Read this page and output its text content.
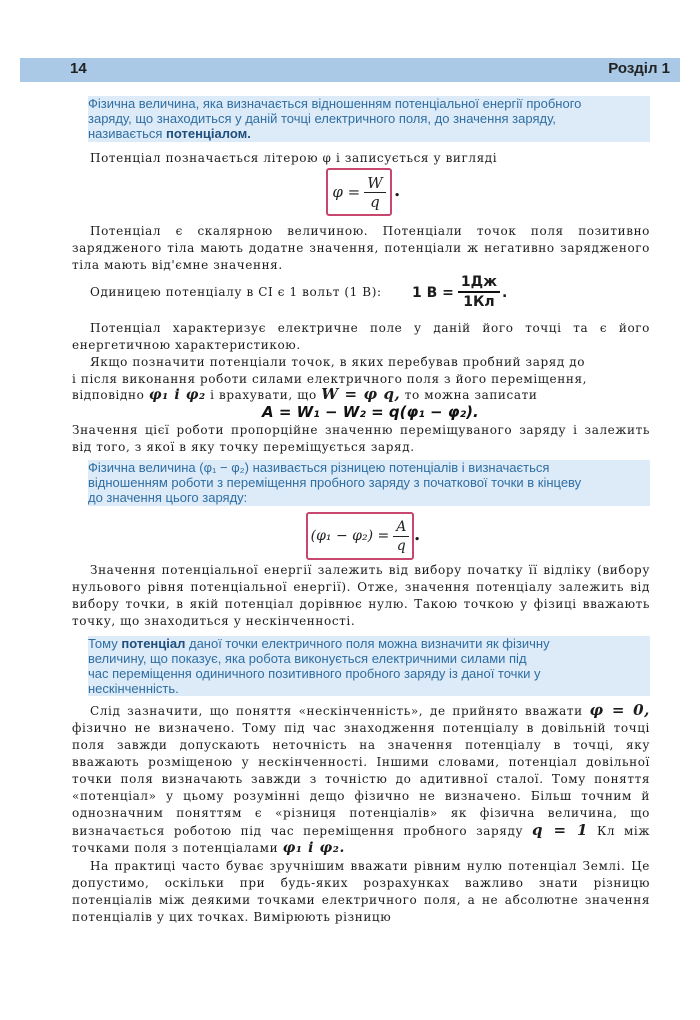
14	Розділ 1
Фізична величина, яка визначається відношенням потенціальної енергії пробного
заряду, що знаходиться у даній точці електричного поля, до значення заряду,
називається потенціалом.
Потенціал позначається літерою φ і записується у вигляді
$\varphi = \frac{W}{q}$ .
Потенціал є скалярною величиною. Потенціали точок поля позитивно зарядженого тіла мають додатне значення, потенціали ж негативно зарядженого тіла мають від'ємне значення.
Одиницею потенціалу в СІ є 1 вольт (1 В):	1 $В = \frac{1Дж}{1Кл}$ .
Потенціал характеризує електричне поле у даній його точці та є його енергетичною характеристикою.
Якщо позначити потенціали точок, в яких перебував пробний заряд до
і після виконання роботи силами електричного поля з його переміщення,
відповідно φ₁ і φ₂ і врахувати, що W = φ q, то можна записати
A = W₁ − W₂ = q(φ₁ − φ₂).
Значення цієї роботи пропорційне значенню переміщуваного заряду і залежить від того, з якої в яку точку переміщується заряд.
Фізична величина (φ₁ − φ₂) називається різницею потенціалів і визначається
відношенням роботи з переміщення пробного заряду з початкової точки в кінцеву
до значення цього заряду:
$(\varphi_1 - \varphi_2) = \frac{A}{q}$ .
Значення потенціальної енергії залежить від вибору початку її відліку (вибору нульового рівня потенціальної енергії). Отже, значення потенціалу залежить від вибору точки, в якій потенціал дорівнює нулю. Такою точкою у фізиці вважають точку, що знаходиться у нескінченності.
Тому потенціал даної точки електричного поля можна визначити як фізичну
величину, що показує, яка робота виконується електричними силами під
час переміщення одиничного позитивного пробного заряду із даної точки у
нескінченність.
Слід зазначити, що поняття «нескінченність», де прийнято вважати φ = 0, фізично не визначено. Тому під час знаходження потенціалу в довільній точці поля завжди допускають неточність на значення потенціалу в точці, яку вважають розміщеною у нескінченності. Іншими словами, потенціал довільної точки поля визначають завжди з точністю до адитивної сталої. Тому поняття «потенціал» у цьому розумінні дещо фізично не визначено. Більш точним й однозначним поняттям є «різниця потенціалів» як фізична величина, що визначається роботою під час переміщення пробного заряду q = 1 Кл між точками поля з потенціалами φ₁ і φ₂.
На практиці часто буває зручнішим вважати рівним нулю потенціал Землі. Це допустимо, оскільки при будь-яких розрахунках важливо знати різницю потенціалів між деякими точками електричного поля, а не абсолютне значення потенціалів у цих точках. Вимірюють різницю
